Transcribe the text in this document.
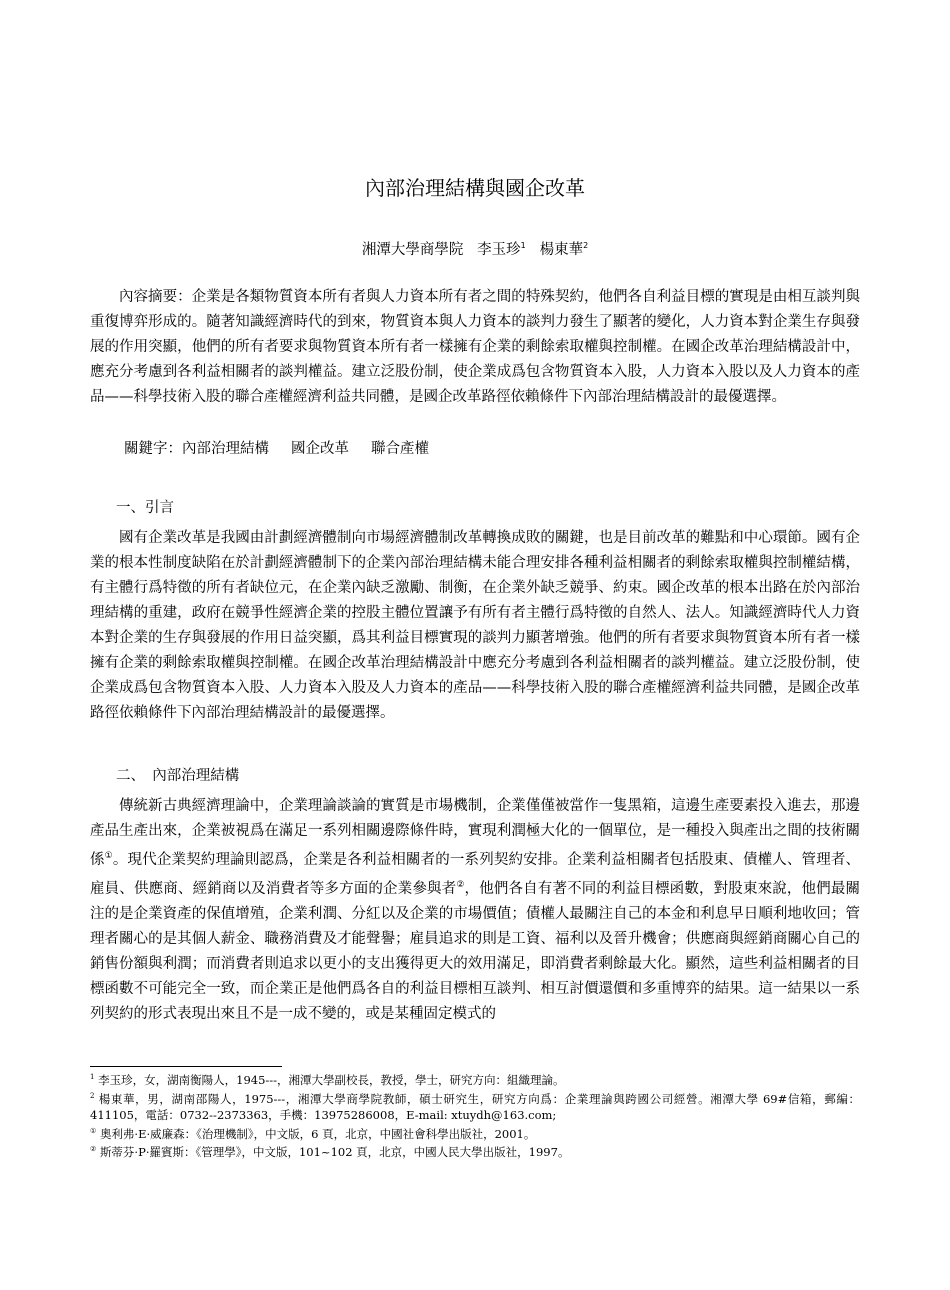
內部治理結構與國企改革
湘潭大學商學院 李玉珍$^1$ 楊東華$^2$
內容摘要：企業是各類物質資本所有者與人力資本所有者之間的特殊契約，他們各自利益目標的實現是由相互談判與重復博弈形成的。隨著知識經濟時代的到來，物質資本與人力資本的談判力發生了顯著的變化，人力資本對企業生存與發展的作用突顯，他們的所有者要求與物質資本所有者一樣擁有企業的剩餘索取權與控制權。在國企改革治理結構設計中，應充分考慮到各利益相關者的談判權益。建立泛股份制，使企業成爲包含物質資本入股，人力資本入股以及人力資本的產品——科學技術入股的聯合產權經濟利益共同體，是國企改革路徑依賴條件下內部治理結構設計的最優選擇。
關鍵字：內部治理結構 國企改革 聯合產權
一、引言
國有企業改革是我國由計劃經濟體制向市場經濟體制改革轉換成敗的關鍵，也是目前改革的難點和中心環節。國有企業的根本性制度缺陷在於計劃經濟體制下的企業內部治理結構未能合理安排各種利益相關者的剩餘索取權與控制權結構，有主體行爲特徵的所有者缺位元，在企業內缺乏激勵、制衡，在企業外缺乏競爭、約束。國企改革的根本出路在於內部治理結構的重建，政府在競爭性經濟企業的控股主體位置讓予有所有者主體行爲特徵的自然人、法人。知識經濟時代人力資本對企業的生存與發展的作用日益突顯，爲其利益目標實現的談判力顯著增強。他們的所有者要求與物質資本所有者一樣擁有企業的剩餘索取權與控制權。在國企改革治理結構設計中應充分考慮到各利益相關者的談判權益。建立泛股份制，使企業成爲包含物質資本入股、人力資本入股及人力資本的產品——科學技術入股的聯合產權經濟利益共同體，是國企改革路徑依賴條件下內部治理結構設計的最優選擇。
二、　內部治理結構
傳統新古典經濟理論中，企業理論談論的實質是市場機制，企業僅僅被當作一隻黑箱，這邊生產要素投入進去，那邊產品生產出來，企業被視爲在滿足一系列相關邊際條件時，實現利潤極大化的一個單位，是一種投入與產出之間的技術關係①。現代企業契約理論則認爲，企業是各利益相關者的一系列契約安排。企業利益相關者包括股東、債權人、管理者、雇員、供應商、經銷商以及消費者等多方面的企業參與者②，他們各自有著不同的利益目標函數，對股東來說，他們最關注的是企業資產的保值增殖，企業利潤、分紅以及企業的市場價值；債權人最關注自己的本金和利息早日順利地收回；管理者關心的是其個人薪金、職務消費及才能聲譽；雇員追求的則是工資、福利以及晉升機會；供應商與經銷商關心自己的銷售份額與利潤；而消費者則追求以更小的支出獲得更大的效用滿足，即消費者剩餘最大化。顯然，這些利益相關者的目標函數不可能完全一致，而企業正是他們爲各自的利益目標相互談判、相互討價還價和多重博弈的結果。這一結果以一系列契約的形式表現出來且不是一成不變的，或是某種固定模式的
$^1$ 李玉珍，女，湖南衡陽人，1945---，湘潭大學副校長，教授，學士，研究方向：組織理論。
$^2$ 楊東華，男，湖南邵陽人，1975---，湘潭大學商學院教師，碩士研究生，研究方向爲：企業理論與跨國公司經營。湘潭大學 69#信箱，郵編：411105，電話：0732--2373363，手機：13975286008，E-mail: xtuydh@163.com;
① 奧利弗·E·威廉森：《治理機制》，中文版，6 頁，北京，中國社會科學出版社，2001。
② 斯蒂芬·P·羅賓斯：《管理學》，中文版，101~102 頁，北京，中國人民大學出版社，1997。
